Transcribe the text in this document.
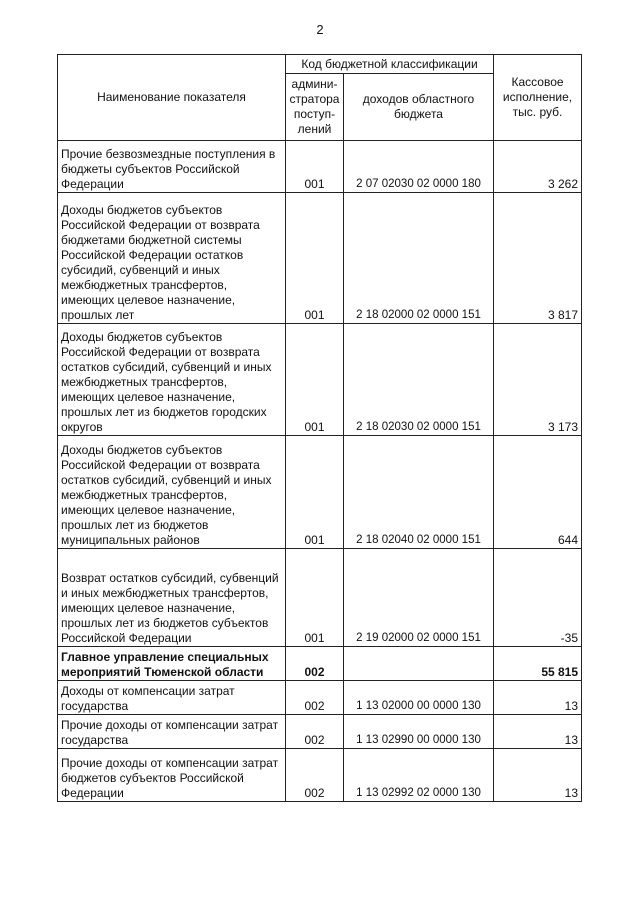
2
Наименование показателя	Код бюджетной классификации		Кассовое исполнение, тыс. руб.
	админи-стратора поступ-лений	доходов областного бюджета	
Прочие безвозмездные поступления в бюджеты субъектов Российской Федерации	001	2 07 02030 02 0000 180	3 262
Доходы бюджетов субъектов Российской Федерации от возврата бюджетами бюджетной системы Российской Федерации остатков субсидий, субвенций и иных межбюджетных трансфертов, имеющих целевое назначение, прошлых лет	001	2 18 02000 02 0000 151	3 817
Доходы бюджетов субъектов Российской Федерации от возврата остатков субсидий, субвенций и иных межбюджетных трансфертов, имеющих целевое назначение, прошлых лет из бюджетов городских округов	001	2 18 02030 02 0000 151	3 173
Доходы бюджетов субъектов Российской Федерации от возврата остатков субсидий, субвенций и иных межбюджетных трансфертов, имеющих целевое назначение, прошлых лет из бюджетов муниципальных районов	001	2 18 02040 02 0000 151	644
Возврат остатков субсидий, субвенций и иных межбюджетных трансфертов, имеющих целевое назначение, прошлых лет из бюджетов субъектов Российской Федерации	001	2 19 02000 02 0000 151	-35
Главное управление специальных мероприятий Тюменской области	002		55 815
Доходы от компенсации затрат государства	002	1 13 02000 00 0000 130	13
Прочие доходы от компенсации затрат государства	002	1 13 02990 00 0000 130	13
Прочие доходы от компенсации затрат бюджетов субъектов Российской Федерации	002	1 13 02992 02 0000 130	13
